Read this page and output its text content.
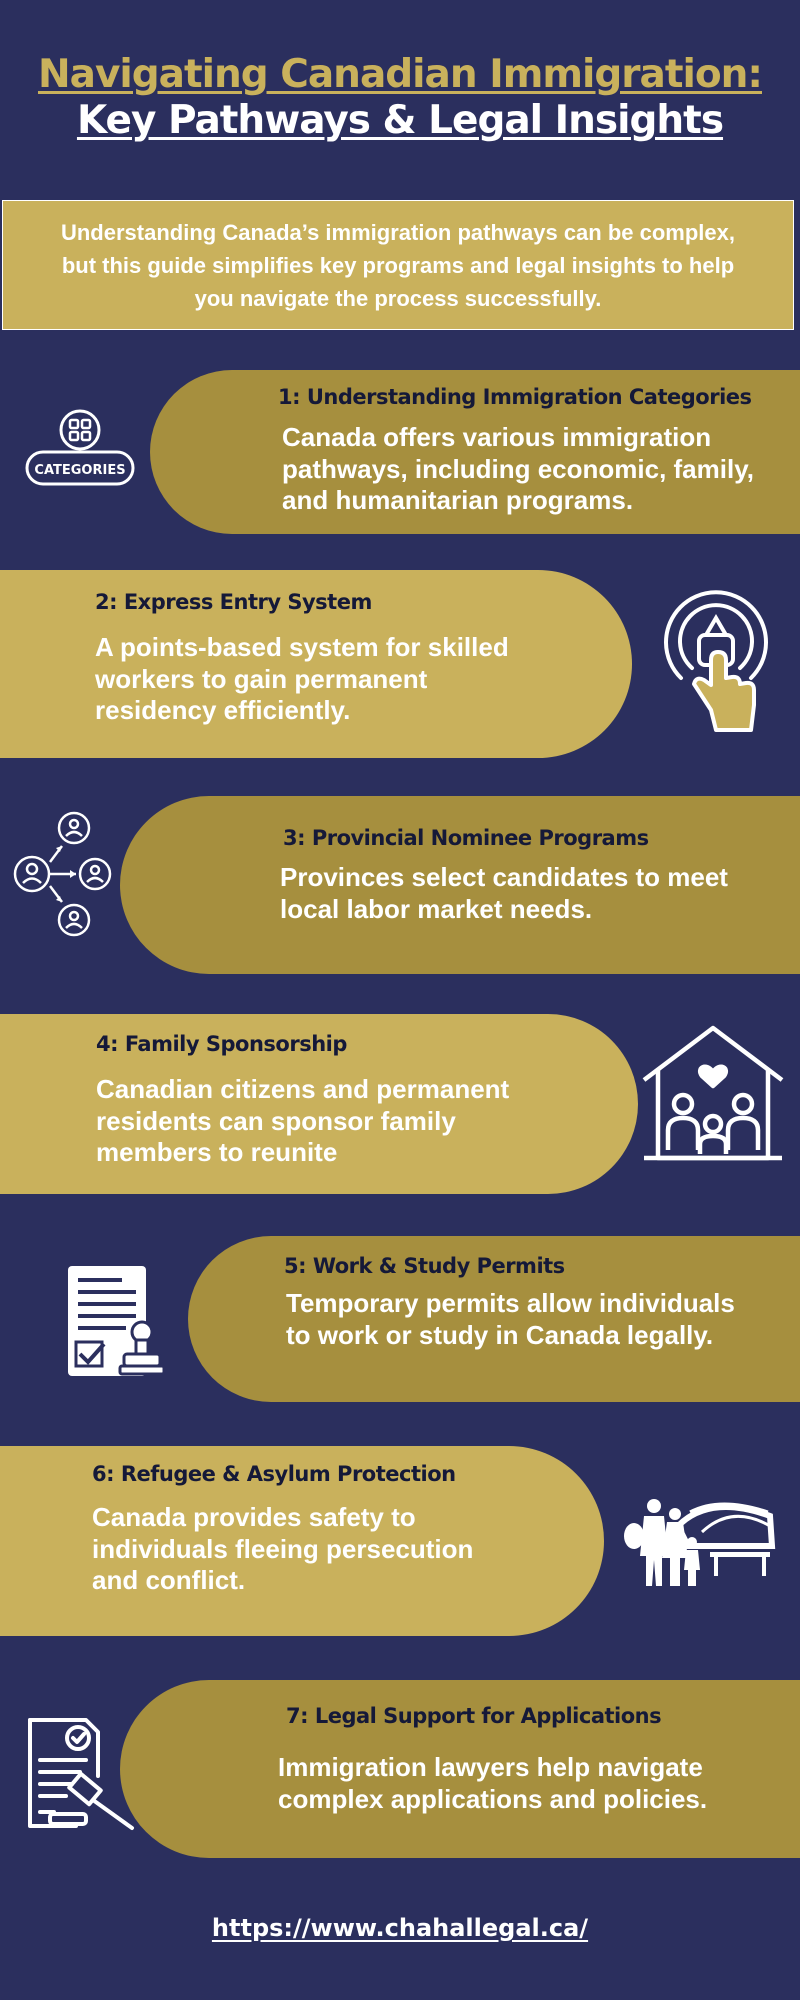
Navigating Canadian Immigration:
Key Pathways & Legal Insights
Understanding Canada’s immigration pathways can be complex, but this guide simplifies key programs and legal insights to help you navigate the process successfully.
1: Understanding Immigration Categories
Canada offers various immigration pathways, including economic, family, and humanitarian programs.
CATEGORIES
2: Express Entry System
A points-based system for skilled workers to gain permanent residency efficiently.
3: Provincial Nominee Programs
Provinces select candidates to meet local labor market needs.
4: Family Sponsorship
Canadian citizens and permanent residents can sponsor family members to reunite
5: Work & Study Permits
Temporary permits allow individuals to work or study in Canada legally.
6: Refugee & Asylum Protection
Canada provides safety to individuals fleeing persecution and conflict.
7: Legal Support for Applications
Immigration lawyers help navigate complex applications and policies.
https://www.chahallegal.ca/
